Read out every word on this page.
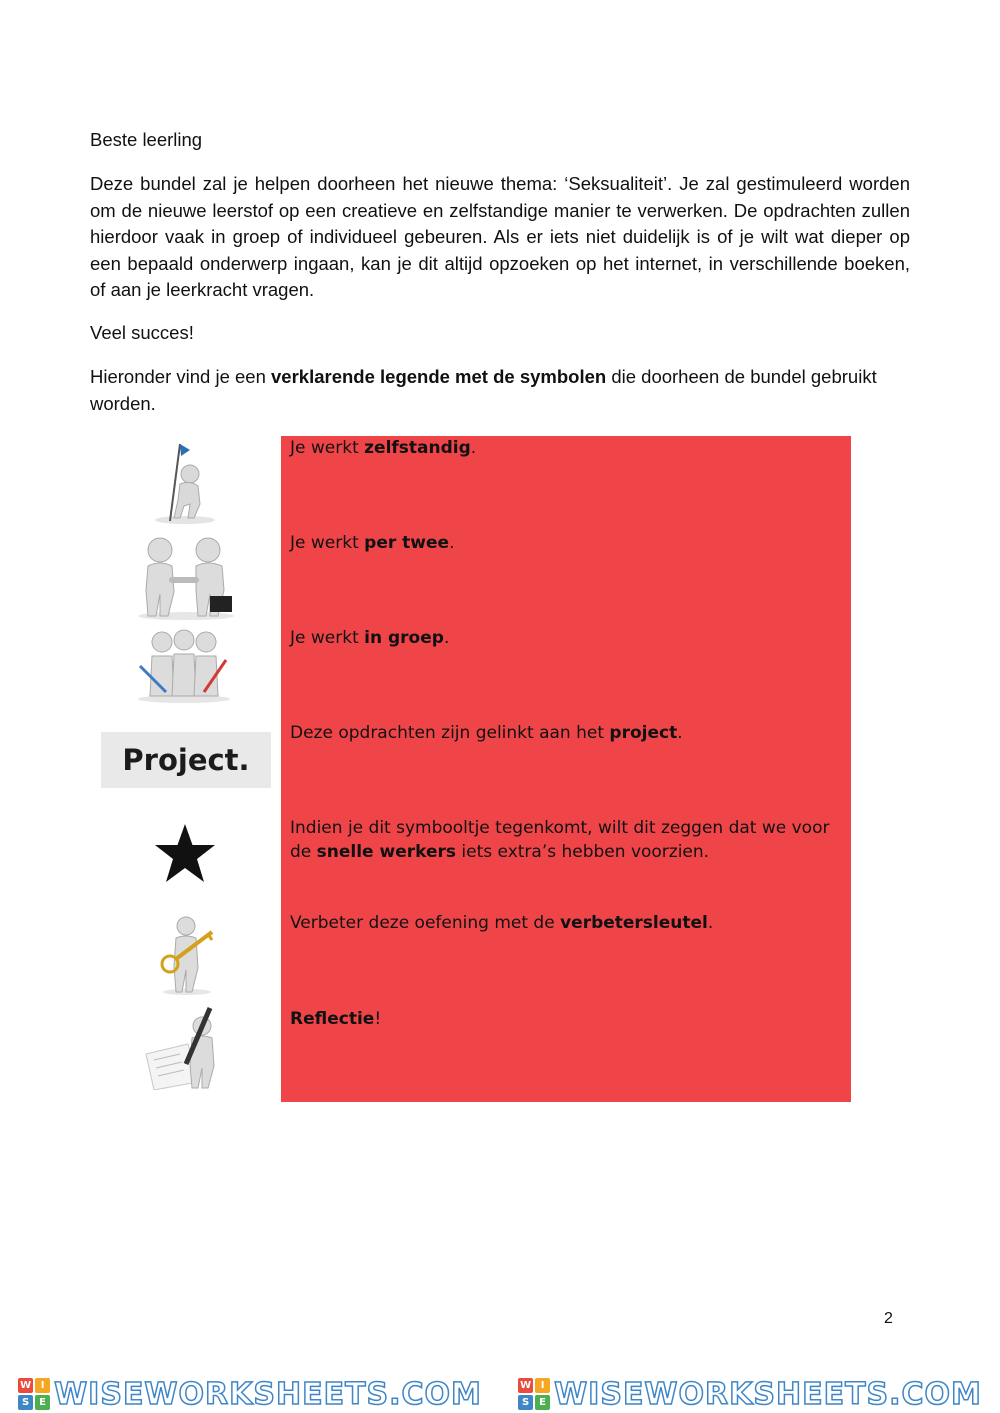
Beste leerling
Deze bundel zal je helpen doorheen het nieuwe thema: ‘Seksualiteit’. Je zal gestimuleerd worden om de nieuwe leerstof op een creatieve en zelfstandige manier te verwerken. De opdrachten zullen hierdoor vaak in groep of individueel gebeuren. Als er iets niet duidelijk is of je wilt wat dieper op een bepaald onderwerp ingaan, kan je dit altijd opzoeken op het internet, in verschillende boeken, of aan je leerkracht vragen.
Veel succes!
Hieronder vind je een verklarende legende met de symbolen die doorheen de bundel gebruikt worden.
Je werkt zelfstandig.
Je werkt per twee.
Je werkt in groep.
Deze opdrachten zijn gelinkt aan het project.
Indien je dit symbooltje tegenkomt, wilt dit zeggen dat we voor de snelle werkers iets extra’s hebben voorzien.
Verbeter deze oefening met de verbetersleutel.
Reflectie!
Project.
2
W I
S E WISEWORKSHEETS.COM	W I
S E WISEWORKSHEETS.COM
